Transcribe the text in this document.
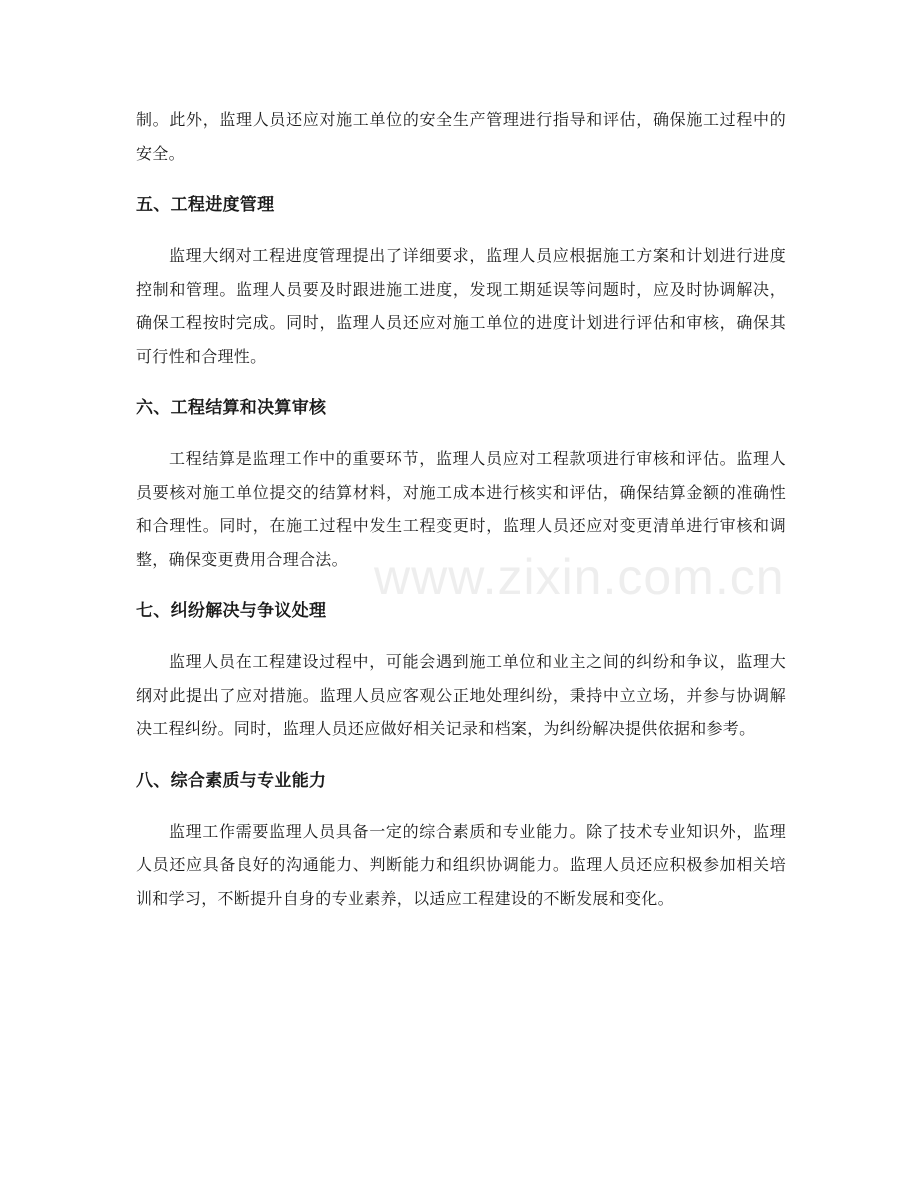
制。此外，监理人员还应对施工单位的安全生产管理进行指导和评估，确保施工过程中的安全。

五、工程进度管理

监理大纲对工程进度管理提出了详细要求，监理人员应根据施工方案和计划进行进度控制和管理。监理人员要及时跟进施工进度，发现工期延误等问题时，应及时协调解决，确保工程按时完成。同时，监理人员还应对施工单位的进度计划进行评估和审核，确保其可行性和合理性。

六、工程结算和决算审核

工程结算是监理工作中的重要环节，监理人员应对工程款项进行审核和评估。监理人员要核对施工单位提交的结算材料，对施工成本进行核实和评估，确保结算金额的准确性和合理性。同时，在施工过程中发生工程变更时，监理人员还应对变更清单进行审核和调整，确保变更费用合理合法。

七、纠纷解决与争议处理

监理人员在工程建设过程中，可能会遇到施工单位和业主之间的纠纷和争议，监理大纲对此提出了应对措施。监理人员应客观公正地处理纠纷，秉持中立立场，并参与协调解决工程纠纷。同时，监理人员还应做好相关记录和档案，为纠纷解决提供依据和参考。

八、综合素质与专业能力

监理工作需要监理人员具备一定的综合素质和专业能力。除了技术专业知识外，监理人员还应具备良好的沟通能力、判断能力和组织协调能力。监理人员还应积极参加相关培训和学习，不断提升自身的专业素养，以适应工程建设的不断发展和变化。

www.zixin.com.cn
